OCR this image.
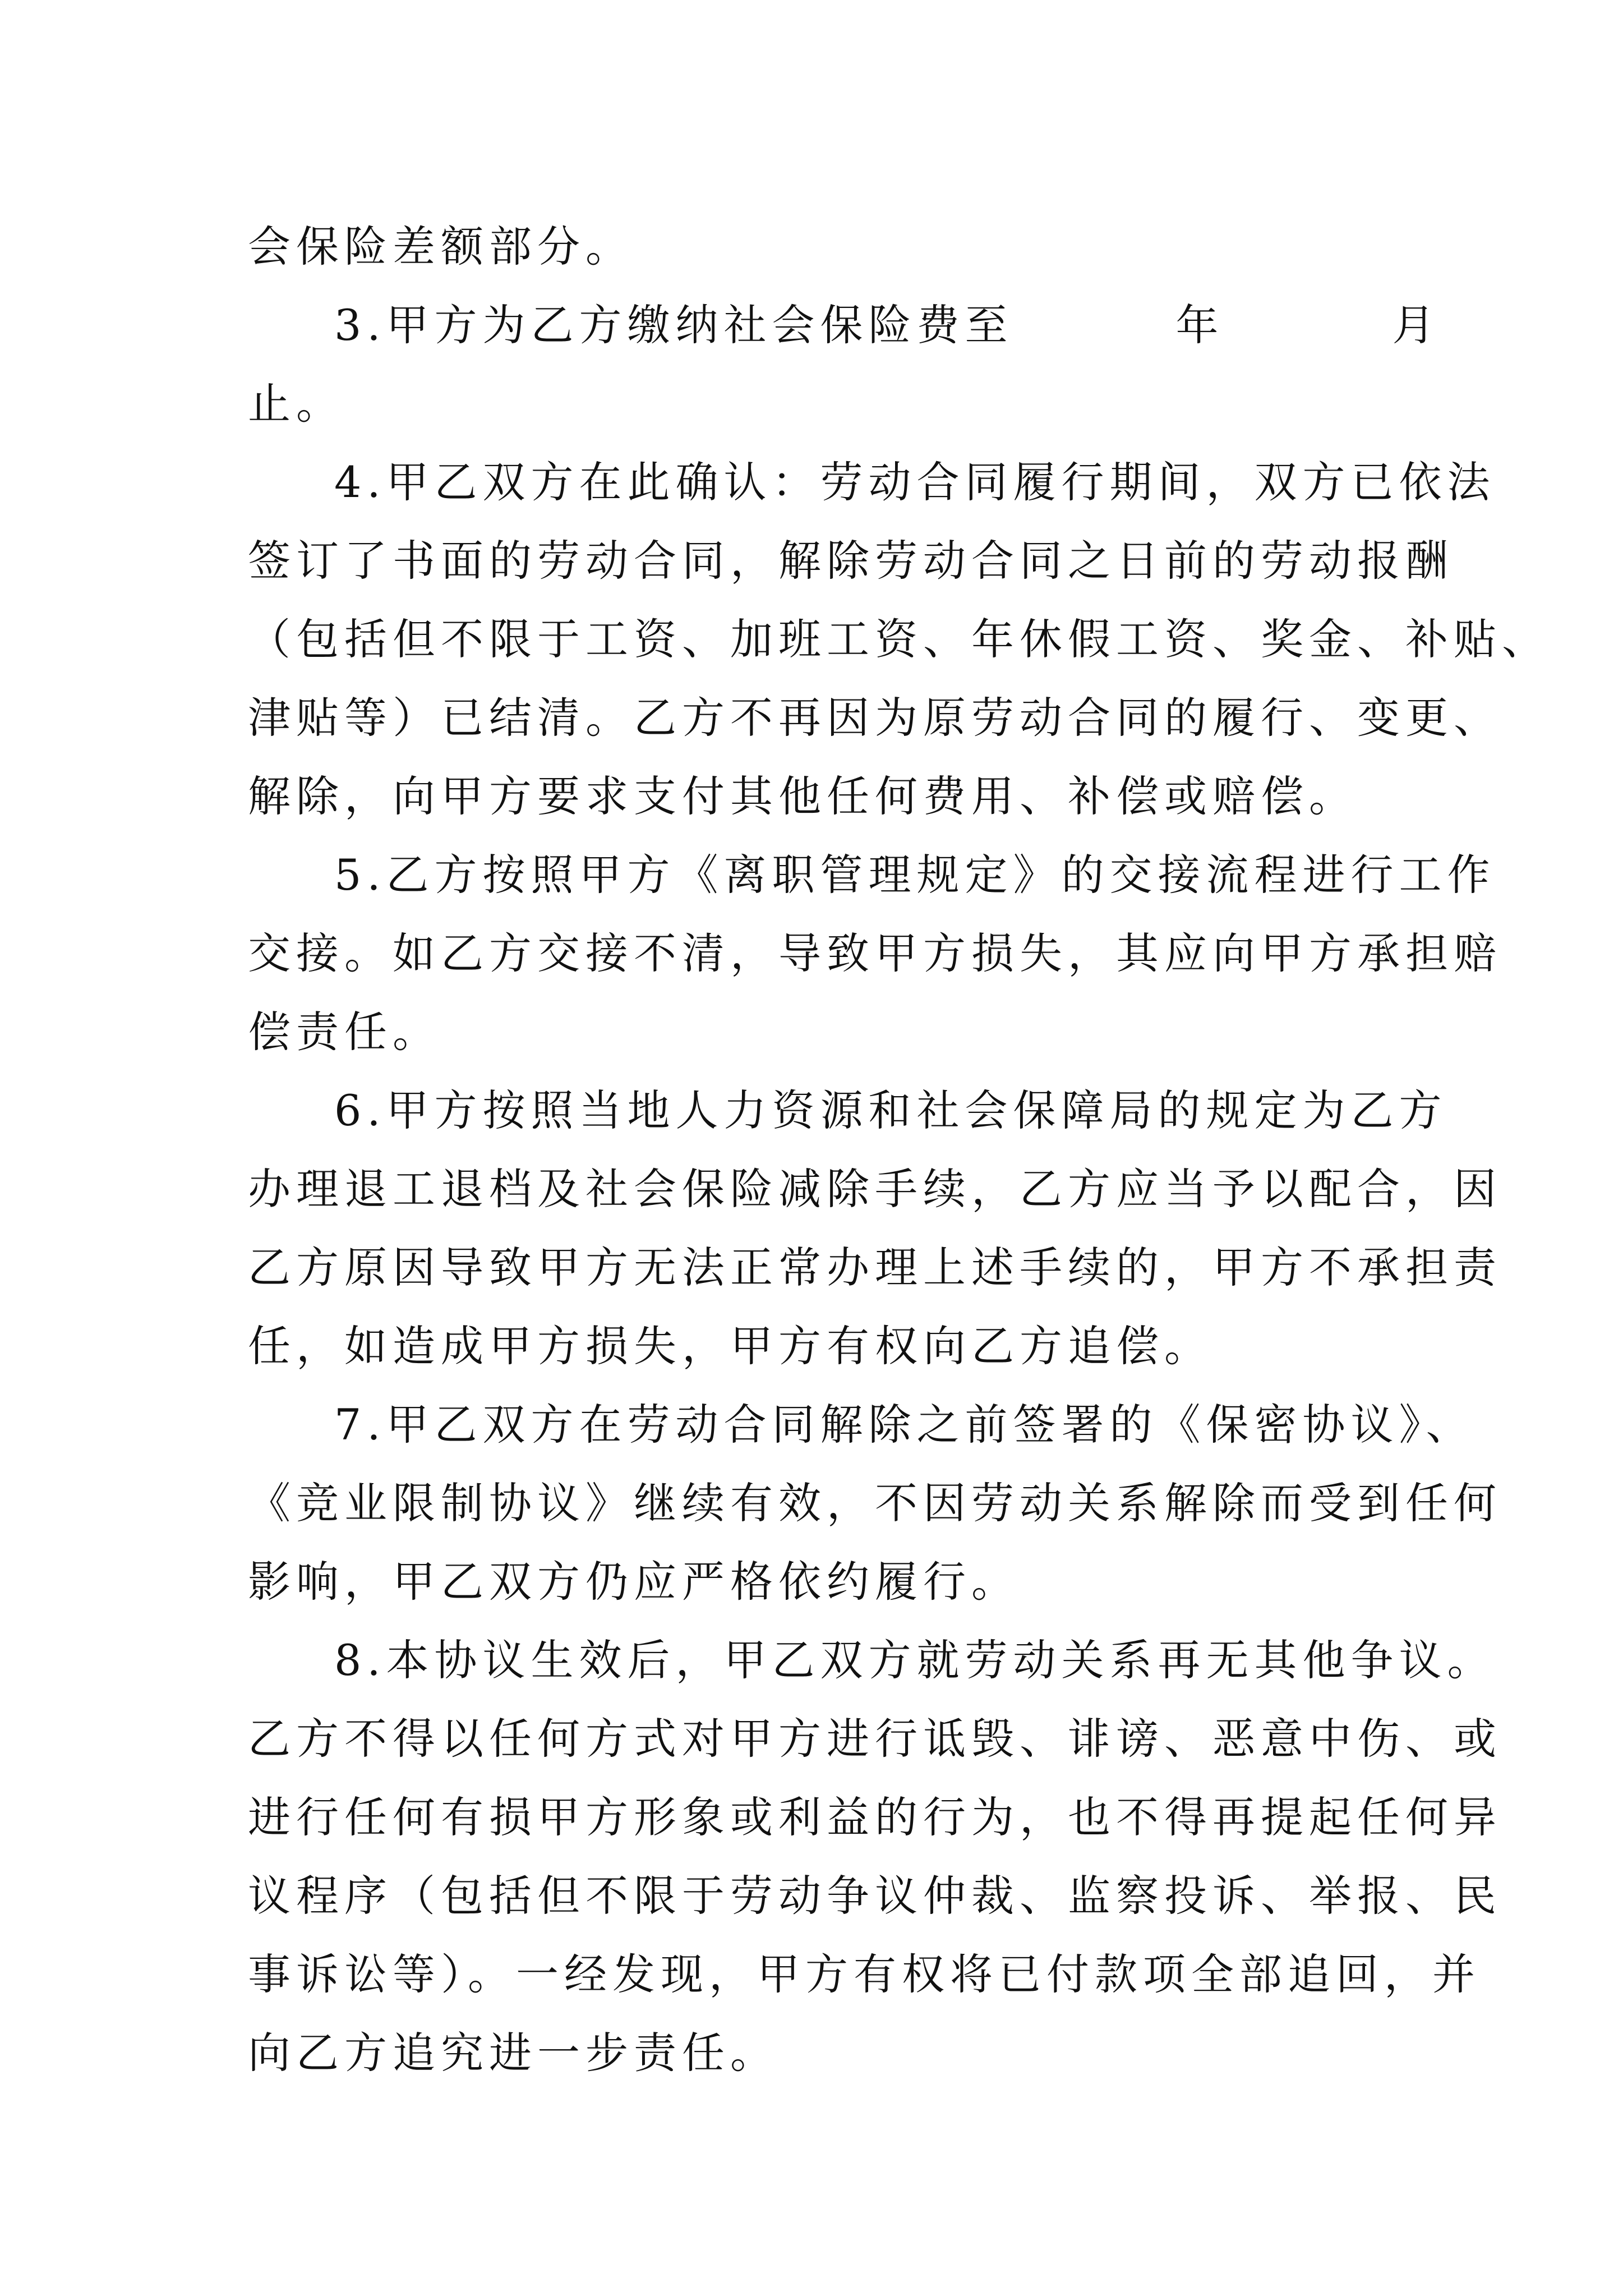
会保险差额部分。
3.甲方为乙方缴纳社会保险费至	年	月
止。
4.甲乙双方在此确认：劳动合同履行期间，双方已依法
签订了书面的劳动合同，解除劳动合同之日前的劳动报酬
（包括但不限于工资、加班工资、年休假工资、奖金、补贴、
津贴等）已结清。乙方不再因为原劳动合同的履行、变更、
解除，向甲方要求支付其他任何费用、补偿或赔偿。
5.乙方按照甲方《离职管理规定》的交接流程进行工作
交接。如乙方交接不清，导致甲方损失，其应向甲方承担赔
偿责任。
6.甲方按照当地人力资源和社会保障局的规定为乙方
办理退工退档及社会保险减除手续，乙方应当予以配合，因
乙方原因导致甲方无法正常办理上述手续的，甲方不承担责
任，如造成甲方损失，甲方有权向乙方追偿。
7.甲乙双方在劳动合同解除之前签署的《保密协议》、
《竞业限制协议》继续有效，不因劳动关系解除而受到任何
影响，甲乙双方仍应严格依约履行。
8.本协议生效后，甲乙双方就劳动关系再无其他争议。
乙方不得以任何方式对甲方进行诋毁、诽谤、恶意中伤、或
进行任何有损甲方形象或利益的行为，也不得再提起任何异
议程序（包括但不限于劳动争议仲裁、监察投诉、举报、民
事诉讼等）。一经发现，甲方有权将已付款项全部追回，并
向乙方追究进一步责任。
